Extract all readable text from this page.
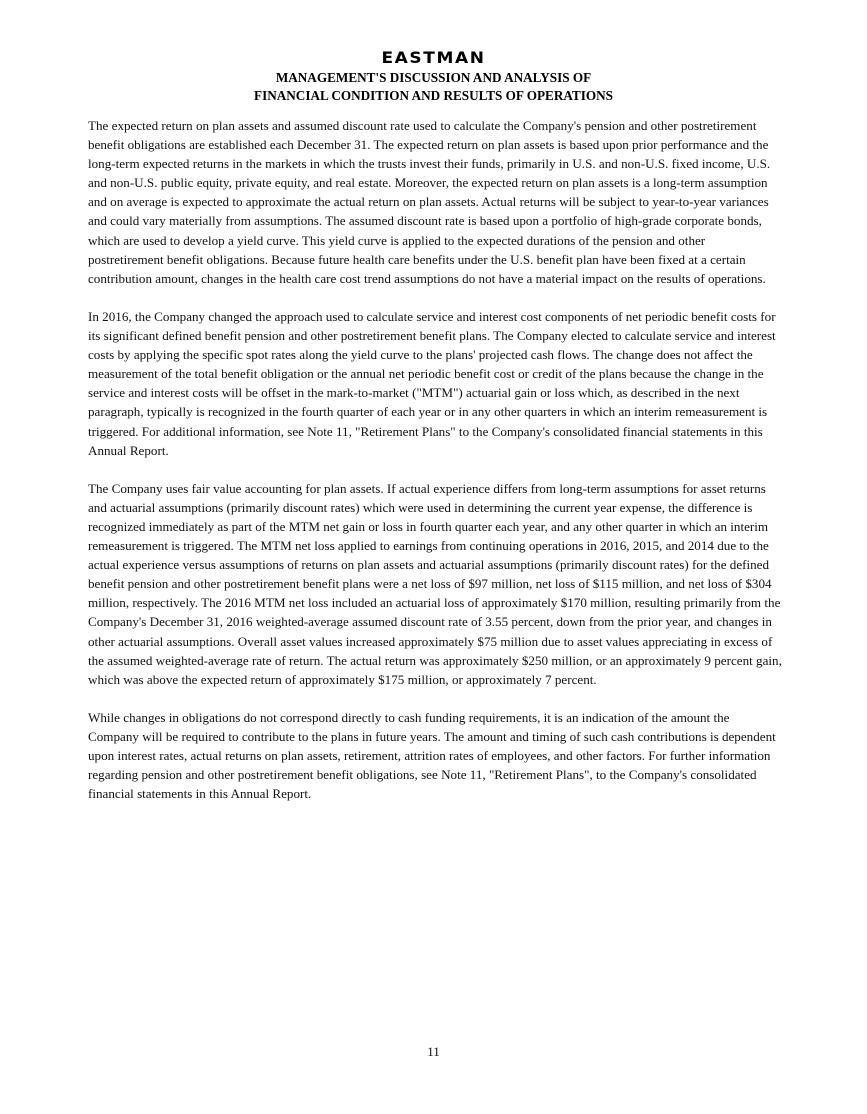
EASTMAN
MANAGEMENT'S DISCUSSION AND ANALYSIS OF
FINANCIAL CONDITION AND RESULTS OF OPERATIONS

The expected return on plan assets and assumed discount rate used to calculate the Company's pension and other postretirement benefit obligations are established each December 31. The expected return on plan assets is based upon prior performance and the long-term expected returns in the markets in which the trusts invest their funds, primarily in U.S. and non-U.S. fixed income, U.S. and non-U.S. public equity, private equity, and real estate. Moreover, the expected return on plan assets is a long-term assumption and on average is expected to approximate the actual return on plan assets. Actual returns will be subject to year-to-year variances and could vary materially from assumptions. The assumed discount rate is based upon a portfolio of high-grade corporate bonds, which are used to develop a yield curve. This yield curve is applied to the expected durations of the pension and other postretirement benefit obligations. Because future health care benefits under the U.S. benefit plan have been fixed at a certain contribution amount, changes in the health care cost trend assumptions do not have a material impact on the results of operations.

In 2016, the Company changed the approach used to calculate service and interest cost components of net periodic benefit costs for its significant defined benefit pension and other postretirement benefit plans. The Company elected to calculate service and interest costs by applying the specific spot rates along the yield curve to the plans' projected cash flows. The change does not affect the measurement of the total benefit obligation or the annual net periodic benefit cost or credit of the plans because the change in the service and interest costs will be offset in the mark-to-market ("MTM") actuarial gain or loss which, as described in the next paragraph, typically is recognized in the fourth quarter of each year or in any other quarters in which an interim remeasurement is triggered. For additional information, see Note 11, "Retirement Plans" to the Company's consolidated financial statements in this Annual Report.

The Company uses fair value accounting for plan assets. If actual experience differs from long-term assumptions for asset returns and actuarial assumptions (primarily discount rates) which were used in determining the current year expense, the difference is recognized immediately as part of the MTM net gain or loss in fourth quarter each year, and any other quarter in which an interim remeasurement is triggered. The MTM net loss applied to earnings from continuing operations in 2016, 2015, and 2014 due to the actual experience versus assumptions of returns on plan assets and actuarial assumptions (primarily discount rates) for the defined benefit pension and other postretirement benefit plans were a net loss of $97 million, net loss of $115 million, and net loss of $304 million, respectively. The 2016 MTM net loss included an actuarial loss of approximately $170 million, resulting primarily from the Company's December 31, 2016 weighted-average assumed discount rate of 3.55 percent, down from the prior year, and changes in other actuarial assumptions. Overall asset values increased approximately $75 million due to asset values appreciating in excess of the assumed weighted-average rate of return. The actual return was approximately $250 million, or an approximately 9 percent gain, which was above the expected return of approximately $175 million, or approximately 7 percent.

While changes in obligations do not correspond directly to cash funding requirements, it is an indication of the amount the Company will be required to contribute to the plans in future years. The amount and timing of such cash contributions is dependent upon interest rates, actual returns on plan assets, retirement, attrition rates of employees, and other factors. For further information regarding pension and other postretirement benefit obligations, see Note 11, "Retirement Plans", to the Company's consolidated financial statements in this Annual Report.

11
